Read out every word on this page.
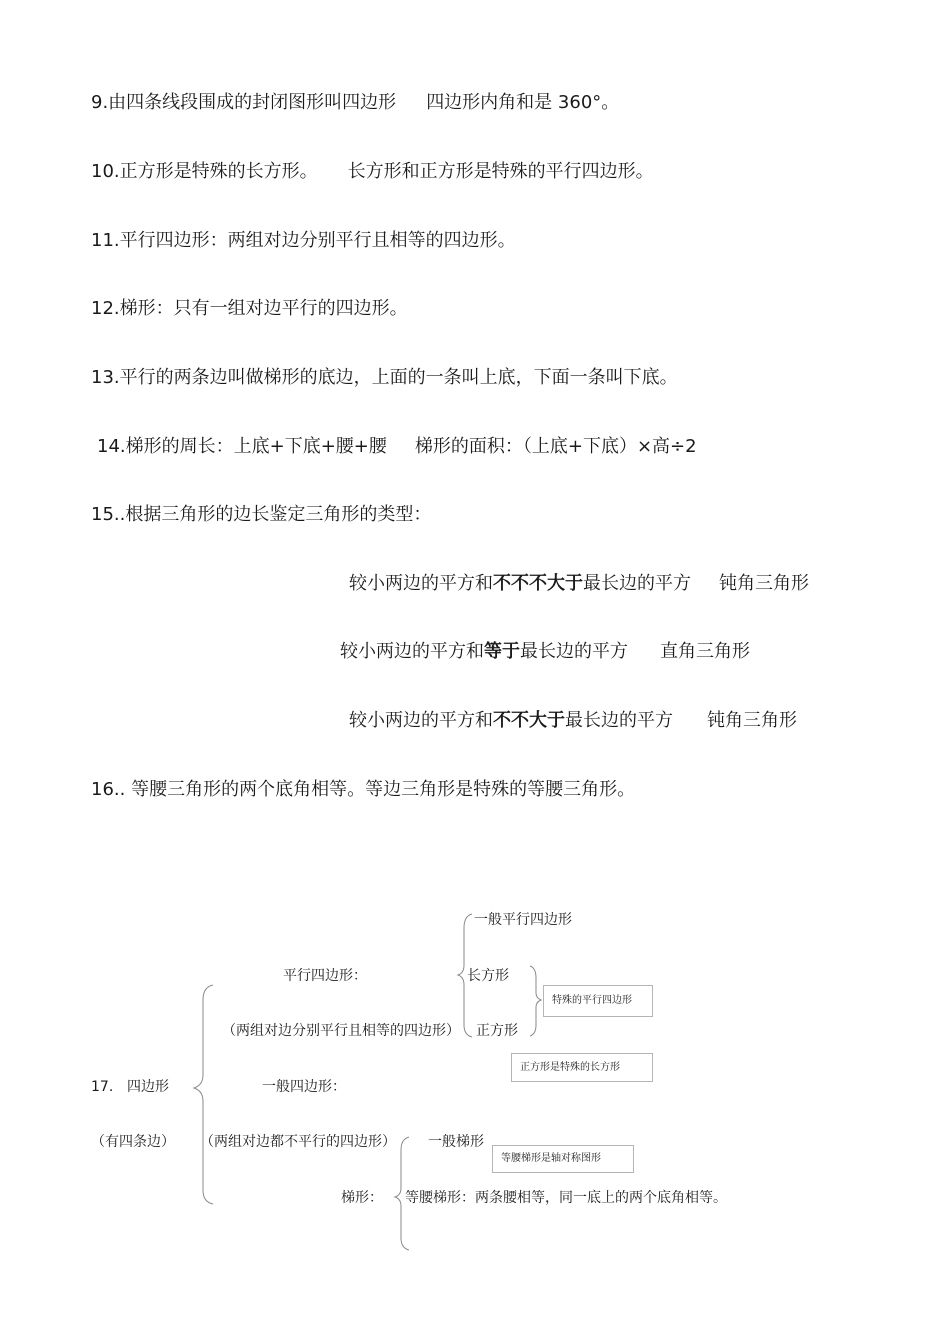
9.由四条线段围成的封闭图形叫四边形 四边形内角和是 360°。
10.正方形是特殊的长方形。 长方形和正方形是特殊的平行四边形。
11.平行四边形：两组对边分别平行且相等的四边形。
12.梯形：只有一组对边平行的四边形。
13.平行的两条边叫做梯形的底边，上面的一条叫上底，下面一条叫下底。
14.梯形的周长：上底+下底+腰+腰 梯形的面积：（上底+下底）×高÷2
15..根据三角形的边长鉴定三角形的类型：
较小两边的平方和不不不大于最长边的平方 钝角三角形
较小两边的平方和等于最长边的平方 直角三角形
较小两边的平方和不不大于最长边的平方 钝角三角形
16.. 等腰三角形的两个底角相等。等边三角形是特殊的等腰三角形。
17. 四边形
（有四条边）
平行四边形：
（两组对边分别平行且相等的四边形）
一般平行四边形
长方形
正方形
特殊的平行四边形
正方形是特殊的长方形
一般四边形：
（两组对边都不平行的四边形）
梯形：
一般梯形
等腰梯形是轴对称图形
等腰梯形：两条腰相等，同一底上的两个底角相等。
